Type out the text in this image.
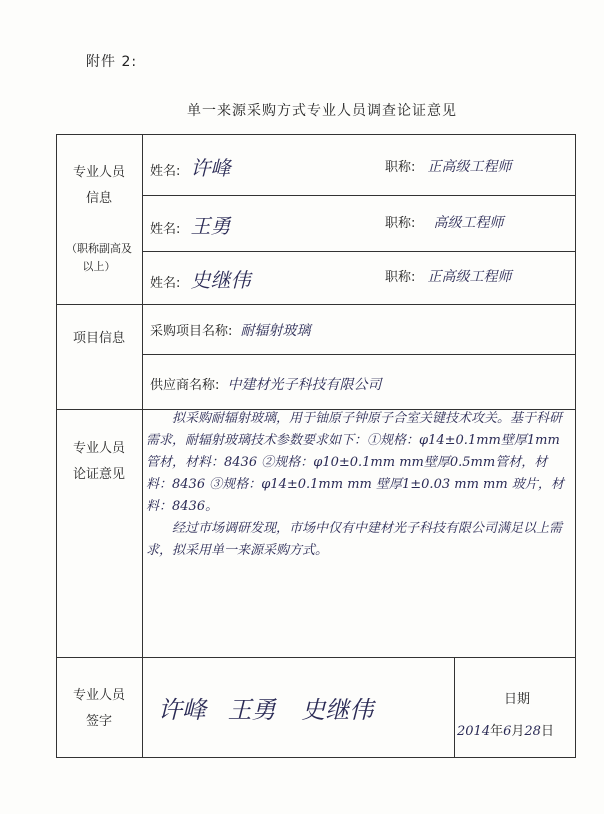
附件 2:
单一来源采购方式专业人员调查论证意见
专业人员
信息
（职称副高及以上）
姓名: 许峰	职称: 正高级工程师
姓名: 王勇	职称: 高级工程师
姓名: 史继伟	职称: 正高级工程师
项目信息	采购项目名称: 耐辐射玻璃
供应商名称: 中建材光子科技有限公司
专业人员
论证意见

拟采购耐辐射玻璃，用于铀原子钟原子合室关键技术攻关。基于科研需求，耐辐射玻璃技术参数要求如下：①规格：φ14±0.1mm壁厚1mm管材，材料：8436 ②规格：φ10±0.1mm mm壁厚0.5mm管材，材料：8436 ③规格：φ14±0.1mm mm 壁厚1±0.03 mm mm 玻片，材料：8436。

经过市场调研发现，市场中仅有中建材光子科技有限公司满足以上需求，拟采用单一来源采购方式。

专业人员
签字	许峰 王勇 史继伟	日期
2014年6月28日
